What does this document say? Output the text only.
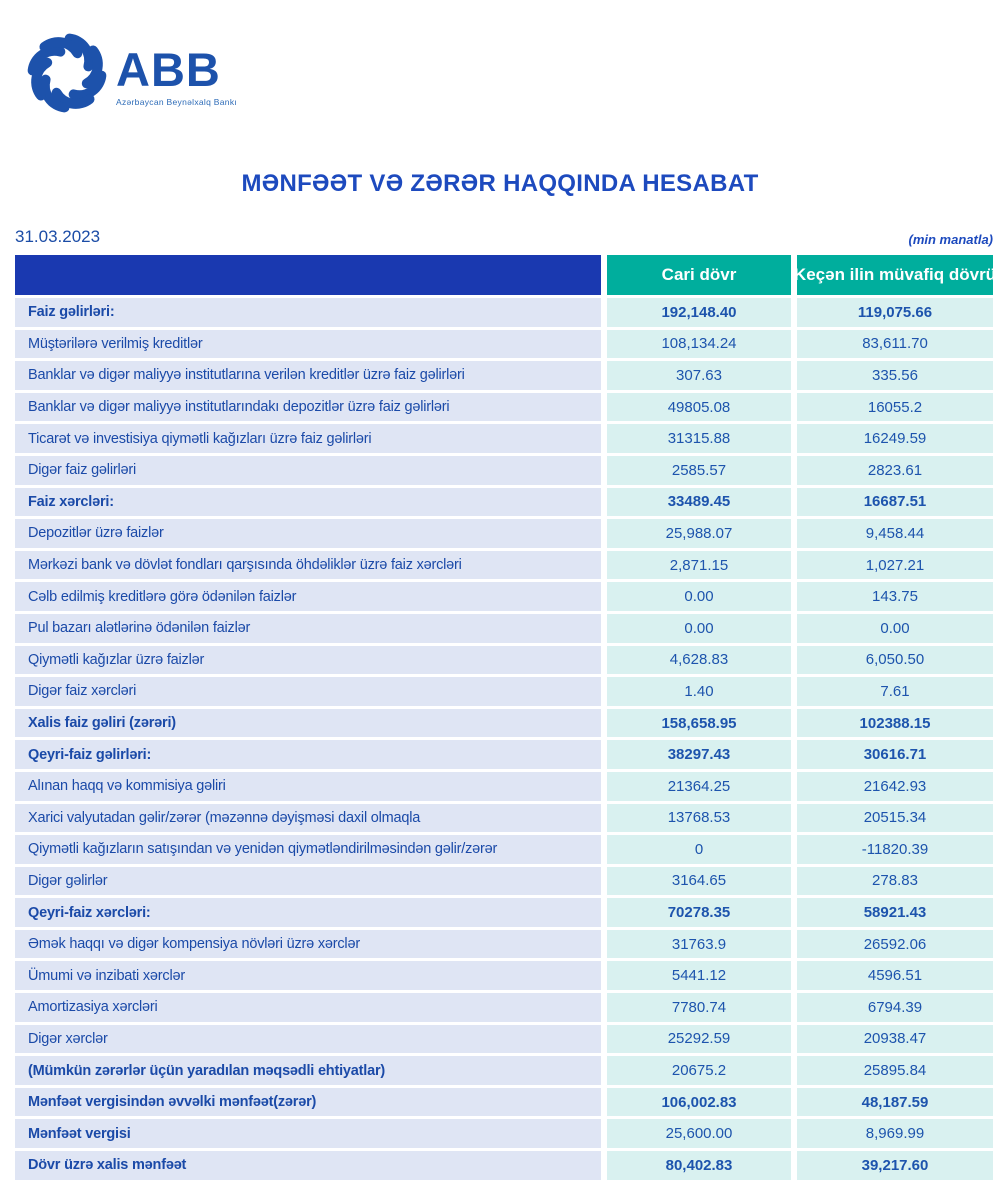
ABB
Azərbaycan Beynəlxalq Bankı
MƏNFƏƏT VƏ ZƏRƏR HAQQINDA HESABAT
31.03.2023	(min manatla)
Cari dövr	Keçən ilin müvafiq dövrü
Faiz gəlirləri:	192,148.40	119,075.66
Müştərilərə verilmiş kreditlər	108,134.24	83,611.70
Banklar və digər maliyyə institutlarına verilən kreditlər üzrə faiz gəlirləri	307.63	335.56
Banklar və digər maliyyə institutlarındakı depozitlər üzrə faiz gəlirləri	49805.08	16055.2
Ticarət və investisiya qiymətli kağızları üzrə faiz gəlirləri	31315.88	16249.59
Digər faiz gəlirləri	2585.57	2823.61
Faiz xərcləri:	33489.45	16687.51
Depozitlər üzrə faizlər	25,988.07	9,458.44
Mərkəzi bank və dövlət fondları qarşısında öhdəliklər üzrə faiz xərcləri	2,871.15	1,027.21
Cəlb edilmiş kreditlərə görə ödənilən faizlər	0.00	143.75
Pul bazarı alətlərinə ödənilən faizlər	0.00	0.00
Qiymətli kağızlar üzrə faizlər	4,628.83	6,050.50
Digər faiz xərcləri	1.40	7.61
Xalis faiz gəliri (zərəri)	158,658.95	102388.15
Qeyri-faiz gəlirləri:	38297.43	30616.71
Alınan haqq və kommisiya gəliri	21364.25	21642.93
Xarici valyutadan gəlir/zərər (məzənnə dəyişməsi daxil olmaqla	13768.53	20515.34
Qiymətli kağızların satışından və yenidən qiymətləndirilməsindən gəlir/zərər	0	-11820.39
Digər gəlirlər	3164.65	278.83
Qeyri-faiz xərcləri:	70278.35	58921.43
Əmək haqqı və digər kompensiya növləri üzrə xərclər	31763.9	26592.06
Ümumi və inzibati xərclər	5441.12	4596.51
Amortizasiya xərcləri	7780.74	6794.39
Digər xərclər	25292.59	20938.47
(Mümkün zərərlər üçün yaradılan məqsədli ehtiyatlar)	20675.2	25895.84
Mənfəət vergisindən əvvəlki mənfəət(zərər)	106,002.83	48,187.59
Mənfəət vergisi	25,600.00	8,969.99
Dövr üzrə xalis mənfəət	80,402.83	39,217.60
